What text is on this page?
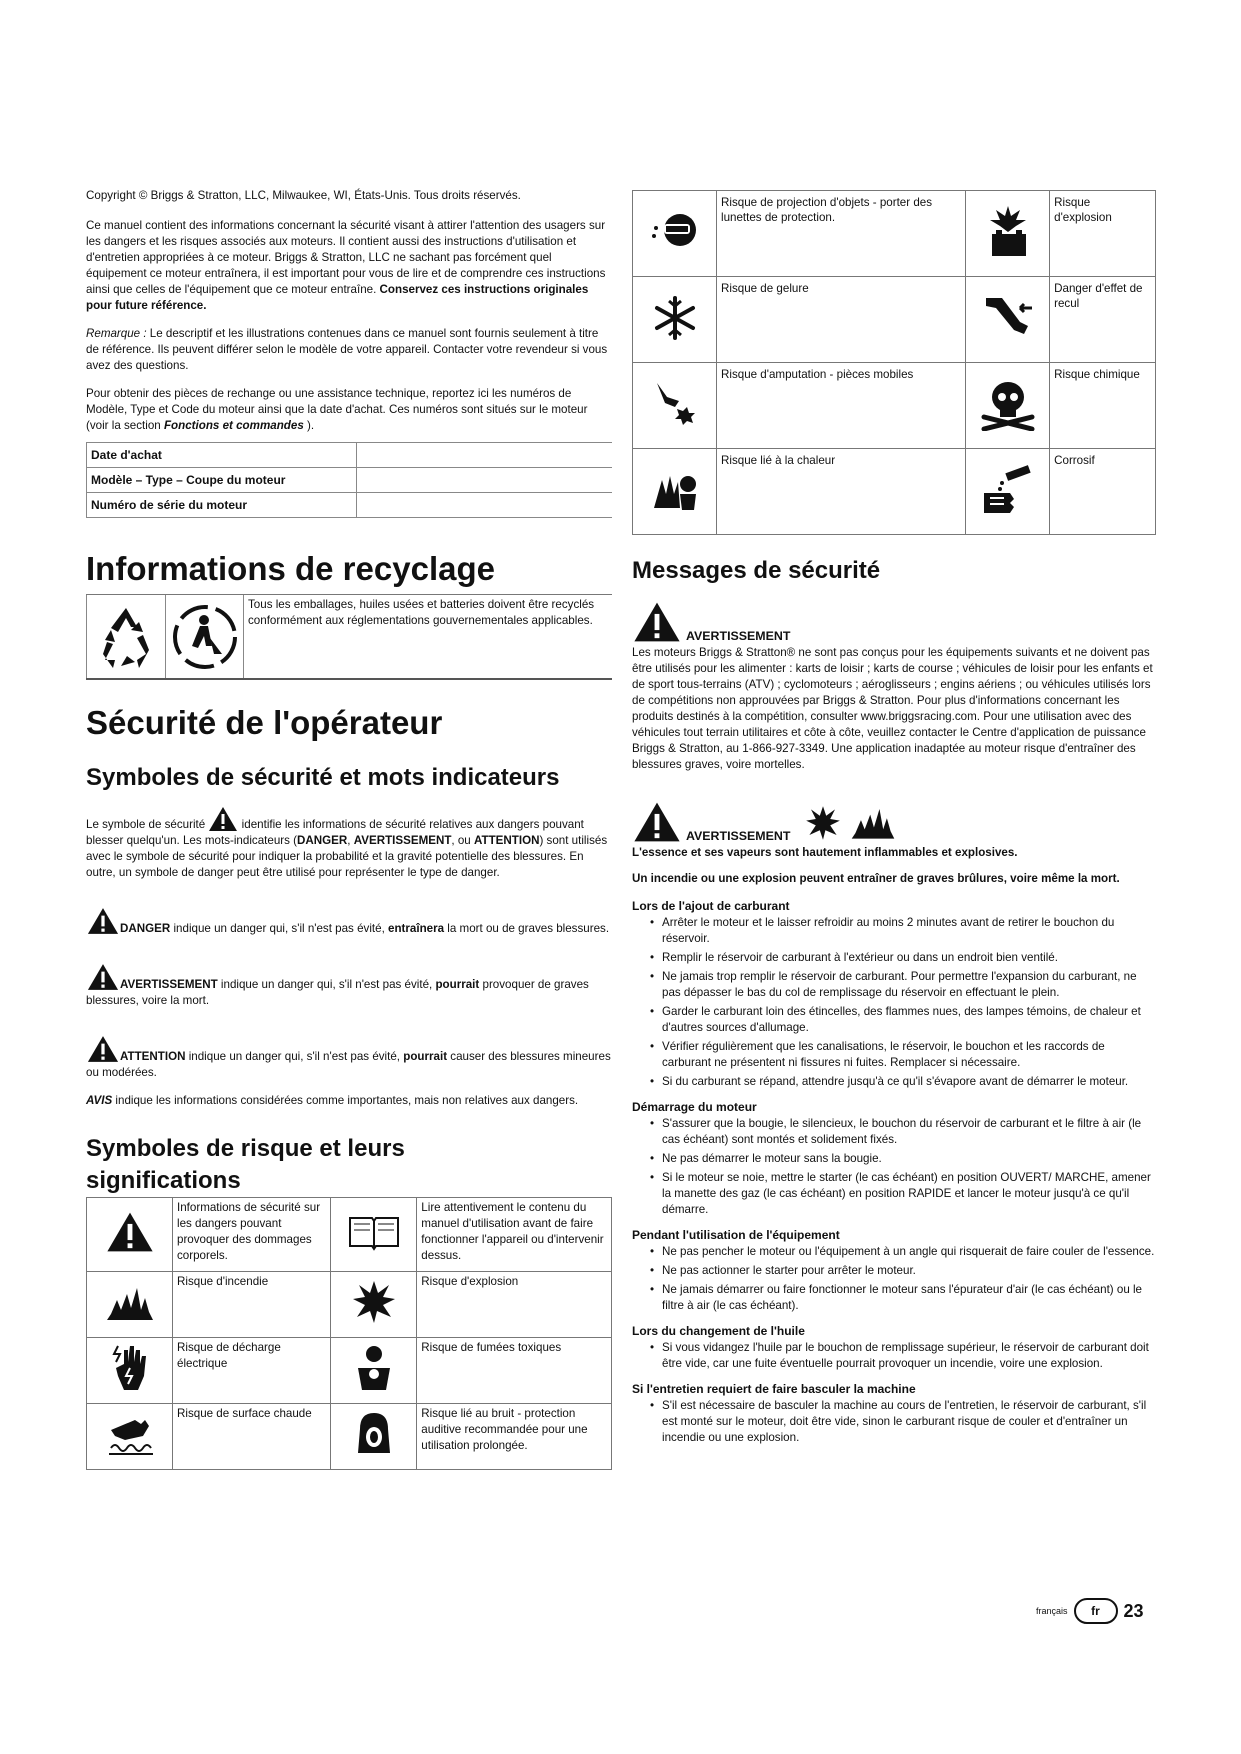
Copyright © Briggs & Stratton, LLC, Milwaukee, WI, États-Unis. Tous droits réservés.

Ce manuel contient des informations concernant la sécurité visant à attirer l'attention des usagers sur les dangers et les risques associés aux moteurs. Il contient aussi des instructions d'utilisation et d'entretien appropriées à ce moteur. Briggs & Stratton, LLC ne sachant pas forcément quel équipement ce moteur entraînera, il est important pour vous de lire et de comprendre ces instructions ainsi que celles de l'équipement que ce moteur entraîne. Conservez ces instructions originales pour future référence.

Remarque : Le descriptif et les illustrations contenues dans ce manuel sont fournis seulement à titre de référence. Ils peuvent différer selon le modèle de votre appareil. Contacter votre revendeur si vous avez des questions.

Pour obtenir des pièces de rechange ou une assistance technique, reportez ici les numéros de Modèle, Type et Code du moteur ainsi que la date d'achat. Ces numéros sont situés sur le moteur (voir la section Fonctions et commandes ).

Date d'achat	
Modèle – Type – Coupe du moteur	
Numéro de série du moteur	
Informations de recyclage
Tous les emballages, huiles usées et batteries doivent être recyclés conformément aux réglementations gouvernementales applicables.
Sécurité de l'opérateur
Symboles de sécurité et mots indicateurs

Le symbole de sécurité	identifie les informations de sécurité relatives aux dangers pouvant blesser quelqu'un. Les mots-indicateurs (DANGER, AVERTISSEMENT, ou ATTENTION) sont utilisés avec le symbole de sécurité pour indiquer la probabilité et la gravité potentielle des blessures. En outre, un symbole de danger peut être utilisé pour représenter le type de danger.

DANGER indique un danger qui, s'il n'est pas évité, entraînera la mort ou de graves blessures.

AVERTISSEMENT indique un danger qui, s'il n'est pas évité, pourrait provoquer de graves blessures, voire la mort.

ATTENTION indique un danger qui, s'il n'est pas évité, pourrait causer des blessures mineures ou modérées.

AVIS indique les informations considérées comme importantes, mais non relatives aux dangers.

Symboles de risque et leurs significations
	Informations de sécurité sur les dangers pouvant provoquer des dommages corporels.		Lire attentivement le contenu du manuel d'utilisation avant de faire fonctionner l'appareil ou d'intervenir dessus.
	Risque d'incendie		Risque d'explosion
	Risque de décharge électrique		Risque de fumées toxiques
	Risque de surface chaude		Risque lié au bruit - protection auditive recommandée pour une utilisation prolongée.
	Risque de projection d'objets - porter des lunettes de protection.		Risque d'explosion
	Risque de gelure		Danger d'effet de recul
	Risque d'amputation - pièces mobiles		Risque chimique
	Risque lié à la chaleur		Corrosif
Messages de sécurité
AVERTISSEMENT

Les moteurs Briggs & Stratton® ne sont pas conçus pour les équipements suivants et ne doivent pas être utilisés pour les alimenter : karts de loisir ; karts de course ; véhicules de loisir pour les enfants et de sport tous-terrains (ATV) ; cyclomoteurs ; aéroglisseurs ; engins aériens ; ou véhicules utilisés lors de compétitions non approuvées par Briggs & Stratton. Pour plus d'informations concernant les produits destinés à la compétition, consulter www.briggsracing.com. Pour une utilisation avec des véhicules tout terrain utilitaires et côte à côte, veuillez contacter le Centre d'application de puissance Briggs & Stratton, au 1-866-927-3349. Une application inadaptée au moteur risque d'entraîner des blessures graves, voire mortelles.

AVERTISSEMENT

L'essence et ses vapeurs sont hautement inflammables et explosives.

Un incendie ou une explosion peuvent entraîner de graves brûlures, voire même la mort.

Lors de l'ajout de carburant
• Arrêter le moteur et le laisser refroidir au moins 2 minutes avant de retirer le bouchon du réservoir.
• Remplir le réservoir de carburant à l'extérieur ou dans un endroit bien ventilé.
• Ne jamais trop remplir le réservoir de carburant. Pour permettre l'expansion du carburant, ne pas dépasser le bas du col de remplissage du réservoir en effectuant le plein.
• Garder le carburant loin des étincelles, des flammes nues, des lampes témoins, de chaleur et d'autres sources d'allumage.
• Vérifier régulièrement que les canalisations, le réservoir, le bouchon et les raccords de carburant ne présentent ni fissures ni fuites. Remplacer si nécessaire.
• Si du carburant se répand, attendre jusqu'à ce qu'il s'évapore avant de démarrer le moteur.
Démarrage du moteur
• S'assurer que la bougie, le silencieux, le bouchon du réservoir de carburant et le filtre à air (le cas échéant) sont montés et solidement fixés.
• Ne pas démarrer le moteur sans la bougie.
• Si le moteur se noie, mettre le starter (le cas échéant) en position OUVERT/ MARCHE, amener la manette des gaz (le cas échéant) en position RAPIDE et lancer le moteur jusqu'à ce qu'il démarre.
Pendant l'utilisation de l'équipement
• Ne pas pencher le moteur ou l'équipement à un angle qui risquerait de faire couler de l'essence.
• Ne pas actionner le starter pour arrêter le moteur.
• Ne jamais démarrer ou faire fonctionner le moteur sans l'épurateur d'air (le cas échéant) ou le filtre à air (le cas échéant).
Lors du changement de l'huile
• Si vous vidangez l'huile par le bouchon de remplissage supérieur, le réservoir de carburant doit être vide, car une fuite éventuelle pourrait provoquer un incendie, voire une explosion.
Si l'entretien requiert de faire basculer la machine
• S'il est nécessaire de basculer la machine au cours de l'entretien, le réservoir de carburant, s'il est monté sur le moteur, doit être vide, sinon le carburant risque de couler et d'entraîner un incendie ou une explosion.
français	fr	23
